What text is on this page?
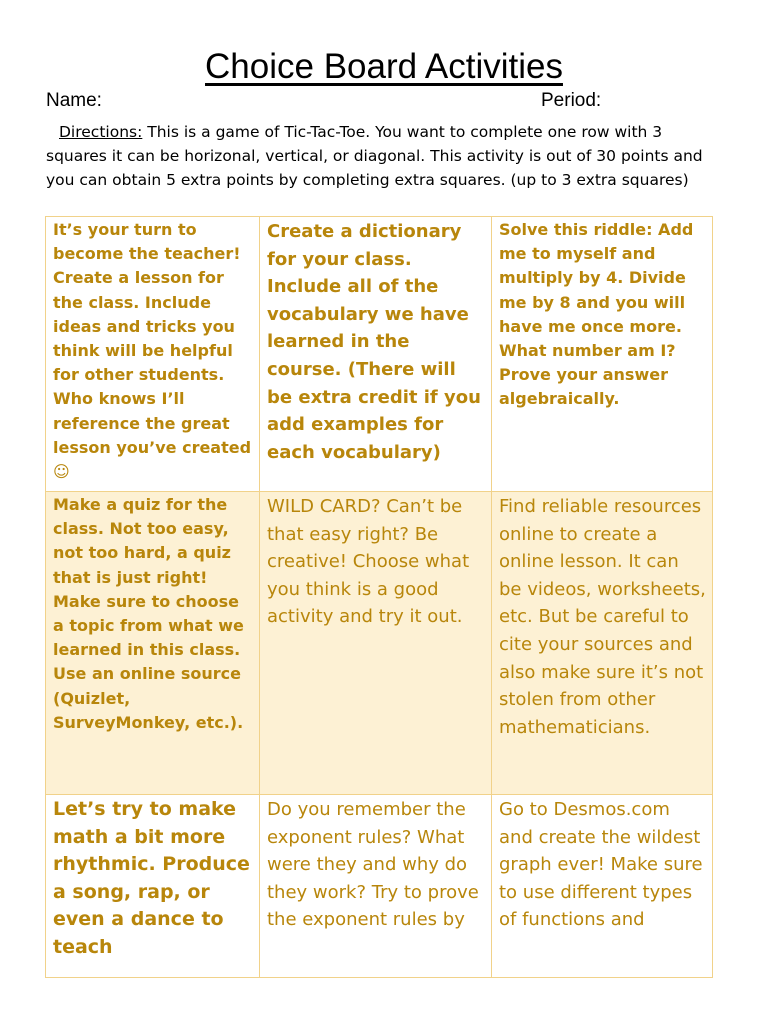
Choice Board Activities
Name:	Period:
Directions: This is a game of Tic-Tac-Toe. You want to complete one row with 3 squares it can be horizonal, vertical, or diagonal. This activity is out of 30 points and you can obtain 5 extra points by completing extra squares. (up to 3 extra squares)
It’s your turn to become the teacher! Create a lesson for the class. Include ideas and tricks you think will be helpful for other students. Who knows I’ll reference the great lesson you’ve created ☺	Create a dictionary for your class. Include all of the vocabulary we have learned in the course. (There will be extra credit if you add examples for each vocabulary)	Solve this riddle: Add me to myself and multiply by 4. Divide me by 8 and you will have me once more. What number am I? Prove your answer algebraically.

Make a quiz for the class. Not too easy, not too hard, a quiz that is just right! Make sure to choose a topic from what we learned in this class. Use an online source (Quizlet, SurveyMonkey, etc.).	WILD CARD? Can’t be that easy right? Be creative! Choose what you think is a good activity and try it out.	Find reliable resources online to create a online lesson. It can be videos, worksheets, etc. But be careful to cite your sources and also make sure it’s not stolen from other mathematicians.

Let’s try to make math a bit more rhythmic. Produce a song, rap, or even a dance to teach	Do you remember the exponent rules? What were they and why do they work? Try to prove the exponent rules by	Go to Desmos.com and create the wildest graph ever! Make sure to use different types of functions and
